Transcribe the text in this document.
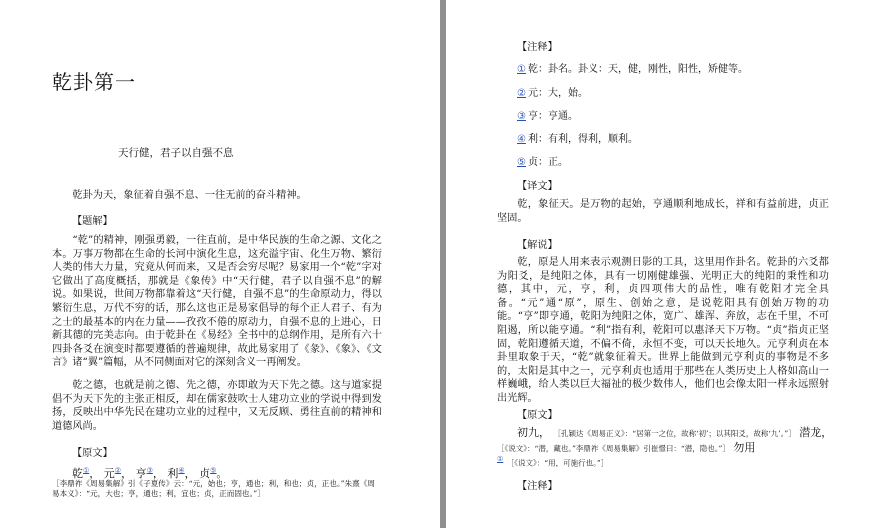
乾卦第一
天行健，君子以自强不息

乾卦为天，象征着自强不息、一往无前的奋斗精神。

【题解】

“乾”的精神，刚强勇毅，一往直前，是中华民族的生命之源、文化之本。万事万物都在生命的长河中演化生息，这充溢宇宙、化生万物、繁衍人类的伟大力量，究竟从何而来，又是否会穷尽呢？易家用一个“乾”字对它做出了高度概括，那就是《象传》中“天行健，君子以自强不息”的解说。如果说，世间万物都靠着这“天行健，自强不息”的生命原动力，得以繁衍生息，万代不穷的话，那么这也正是易家倡导的每个正人君子、有为之士的最基本的内在力量——孜孜不倦的原动力，自强不息的上进心，日新其德的完美志向。由于乾卦在《易经》全书中的总纲作用，是所有六十四卦各爻在演变时都要遵循的普遍规律，故此易家用了《彖》、《象》、《文言》诸“翼”篇幅，从不同侧面对它的深刻含义一再阐发。

乾之德，也就是前之德、先之德，亦即敢为天下先之德。这与道家提倡不为天下先的主张正相反，却在儒家鼓吹士人建功立业的学说中得到发扬，反映出中华先民在建功立业的过程中，又无反顾、勇往直前的精神和道德风尚。

【原文】
乾①， 元②， 亨③， 利④， 贞⑤。

［李鼎祚《周易集解》引《子夏传》云：“元，始也；亨，通也；利，和也；贞，正也。”朱熹《周易本义》：“元，大也；亨，通也；利，宜也；贞，正而固也。”］

【注释】
① 乾：卦名。卦义：天，健，刚性，阳性，矫健等。
② 元：大，始。
③ 亨：亨通。
④ 利：有利，得利，顺利。
⑤ 贞：正。
【译文】

乾，象征天。是万物的起始，亨通顺利地成长，祥和有益前进，贞正坚固。

【解说】

乾，原是人用来表示观测日影的工具，这里用作卦名。乾卦的六爻都为阳爻，是纯阳之体，具有一切刚健雄强、光明正大的纯阳的秉性和功德，其中，元，亨，利，贞四项伟大的品性，唯有乾阳才完全具备。“元”通“原”，原生、创始之意，是说乾阳具有创始万物的功能。“亨”即亨通，乾阳为纯阳之体，宽广、雄浑、奔放，志在千里，不可阻遏，所以能亨通。“利”指有利，乾阳可以惠泽天下万物。“贞”指贞正坚固，乾阳遵循天道，不偏不倚，永恒不变，可以天长地久。元亨利贞在本卦里取象于天，“乾”就象征着天。世界上能做到元亨利贞的事物是不多的，太阳是其中之一，元亨利贞也适用于那些在人类历史上人格如高山一样巍峨，给人类以巨大福祉的极少数伟人，他们也会像太阳一样永远照射出光辉。

【原文】
初九， ［孔颖达《周易正义》：“居第一之位，故称‘初’；以其阳爻，故称‘九’。”］ 潜龙，
［《说文》：“潜，藏也。”李鼎祚《周易集解》引崔憬曰：“潜，隐也。”］ 勿用
① ［《说文》：“用，可施行也。”］
【注释】
